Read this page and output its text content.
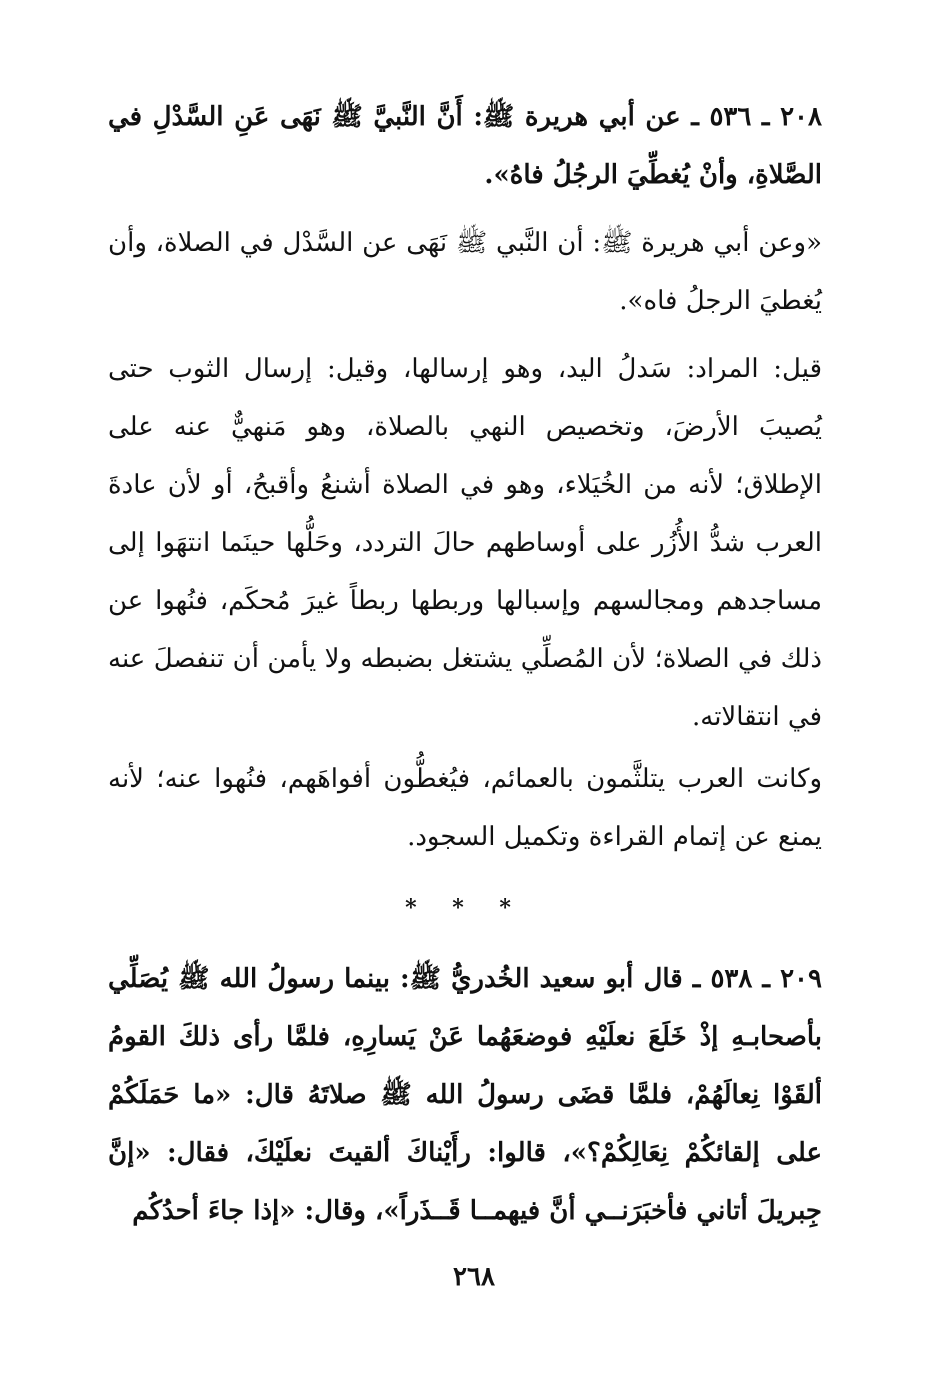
٢٠٨ ـ ٥٣٦ ـ عن أبي هريرة ﷺ: أَنَّ النَّبيَّ ﷺ نَهَى عَنِ السَّدْلِ في الصَّلاةِ، وأنْ يُغطِّيَ الرجُلُ فاهُ».

«وعن أبي هريرة ﷺ: أن النَّبي ﷺ نَهَى عن السَّدْل في الصلاة، وأن يُغطيَ الرجلُ فاه».

قيل: المراد: سَدلُ اليد، وهو إرسالها، وقيل: إرسال الثوب حتى يُصيبَ الأرضَ، وتخصيص النهي بالصلاة، وهو مَنهيٌّ عنه على الإطلاق؛ لأنه من الخُيَلاء، وهو في الصلاة أشنعُ وأقبحُ، أو لأن عادةَ العرب شدُّ الأُزُر على أوساطهم حالَ التردد، وحَلُّها حينَما انتهَوا إلى مساجدهم ومجالسهم وإسبالها وربطها ربطاً غيرَ مُحكَم، فنُهوا عن ذلك في الصلاة؛ لأن المُصلِّي يشتغل بضبطه ولا يأمن أن تنفصلَ عنه في انتقالاته.

وكانت العرب يتلثَّمون بالعمائم، فيُغطُّون أفواهَهم، فنُهوا عنه؛ لأنه يمنع عن إتمام القراءة وتكميل السجود.

* * *

٢٠٩ ـ ٥٣٨ ـ قال أبو سعيد الخُدريُّ ﷺ: بينما رسولُ الله ﷺ يُصَلِّي بأصحابـهِ إذْ خَلَعَ نعلَيْهِ فوضعَهُما عَنْ يَسارِهِ، فلمَّا رأى ذلكَ القومُ ألقَوْا نِعالَهُمْ، فلمَّا قضَى رسولُ الله ﷺ صلاتَهُ قال: «ما حَمَلَكُمْ على إلقائكُمْ نِعَالِكُمْ؟»، قالوا: رأَيْناكَ ألقيتَ نعلَيْكَ، فقال: «إنَّ جِبريلَ أتاني فأخبَرَنــي أنَّ فيهمــا قَــذَراً»، وقال: «إذا جاءَ أحدُكُم

٢٦٨
